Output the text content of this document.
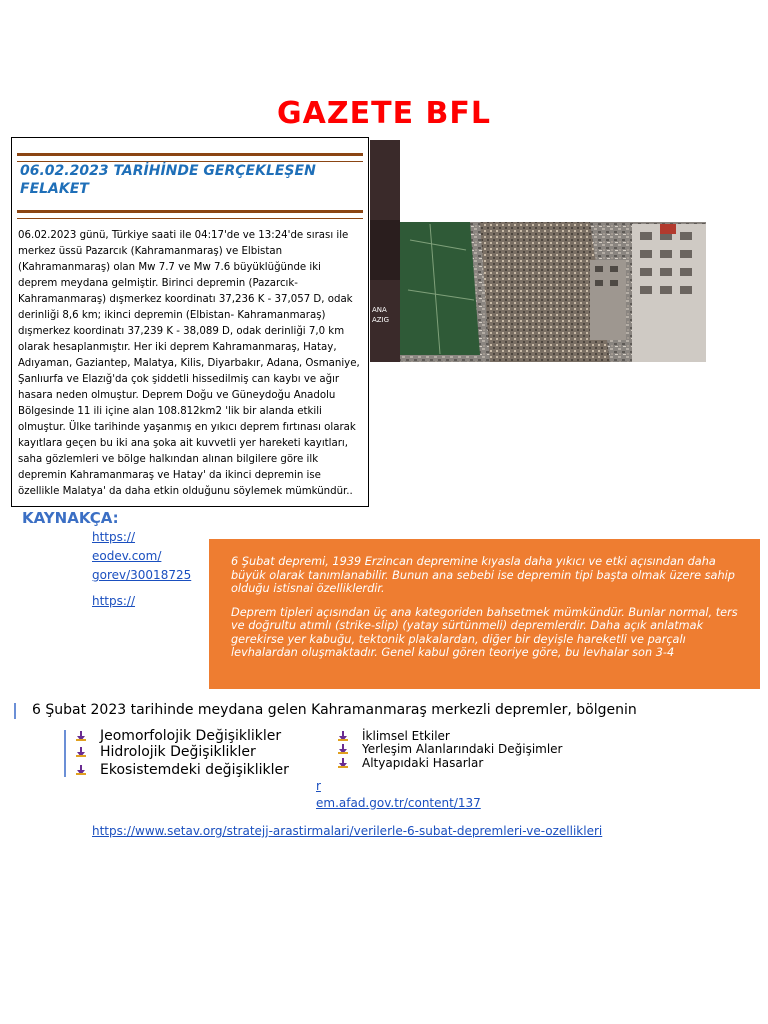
GAZETE BFL
ANA
AZIG
06.02.2023 TARİHİNDE GERÇEKLEŞEN FELAKET
06.02.2023 günü, Türkiye saati ile 04:17'de ve 13:24'de sırası ile merkez üssü Pazarcık (Kahramanmaraş) ve Elbistan (Kahramanmaraş) olan Mw 7.7 ve Mw 7.6 büyüklüğünde iki deprem meydana gelmiştir. Birinci depremin (Pazarcık-Kahramanmaraş) dışmerkez koordinatı 37,236 K - 37,057 D, odak derinliği 8,6 km; ikinci depremin (Elbistan- Kahramanmaraş) dışmerkez koordinatı 37,239 K - 38,089 D, odak derinliği 7,0 km olarak hesaplanmıştır. Her iki deprem Kahramanmaraş, Hatay, Adıyaman, Gaziantep, Malatya, Kilis, Diyarbakır, Adana, Osmaniye, Şanlıurfa ve Elazığ'da çok şiddetli hissedilmiş can kaybı ve ağır hasara neden olmuştur. Deprem Doğu ve Güneydoğu Anadolu Bölgesinde 11 ili içine alan 108.812km2 'lik bir alanda etkili olmuştur. Ülke tarihinde yaşanmış en yıkıcı deprem fırtınası olarak kayıtlara geçen bu iki ana şoka ait kuvvetli yer hareketi kayıtları, saha gözlemleri ve bölge halkından alınan bilgilere göre ilk depremin Kahramanmaraş ve Hatay' da ikinci depremin ise özellikle Malatya' da daha etkin olduğunu söylemek mümkündür..
KAYNAKÇA:
https://
eodev.com/
gorev/30018725
https://

6 Şubat depremi, 1939 Erzincan depremine kıyasla daha yıkıcı ve etki açısından daha büyük olarak tanımlanabilir. Bunun ana sebebi ise depremin tipi başta olmak üzere sahip olduğu istisnai özelliklerdir.

Deprem tipleri açısından üç ana kategoriden bahsetmek mümkündür. Bunlar normal, ters ve doğrultu atımlı (strike-slip) (yatay sürtünmeli) depremlerdir. Daha açık anlatmak gerekirse yer kabuğu, tektonik plakalardan, diğer bir deyişle hareketli ve parçalı levhalardan oluşmaktadır. Genel kabul gören teoriye göre, bu levhalar son 3-4

6 Şubat 2023 tarihinde meydana gelen Kahramanmaraş merkezli depremler, bölgenin
Jeomorfolojik Değişiklikler
Hidrolojik Değişiklikler
Ekosistemdeki değişiklikler
İklimsel Etkiler
Yerleşim Alanlarındaki Değişimler
Altyapıdaki Hasarlar
r
em.afad.gov.tr/content/137
https://www.setav.org/stratejj-arastirmalari/verilerle-6-subat-depremleri-ve-ozellikleri
